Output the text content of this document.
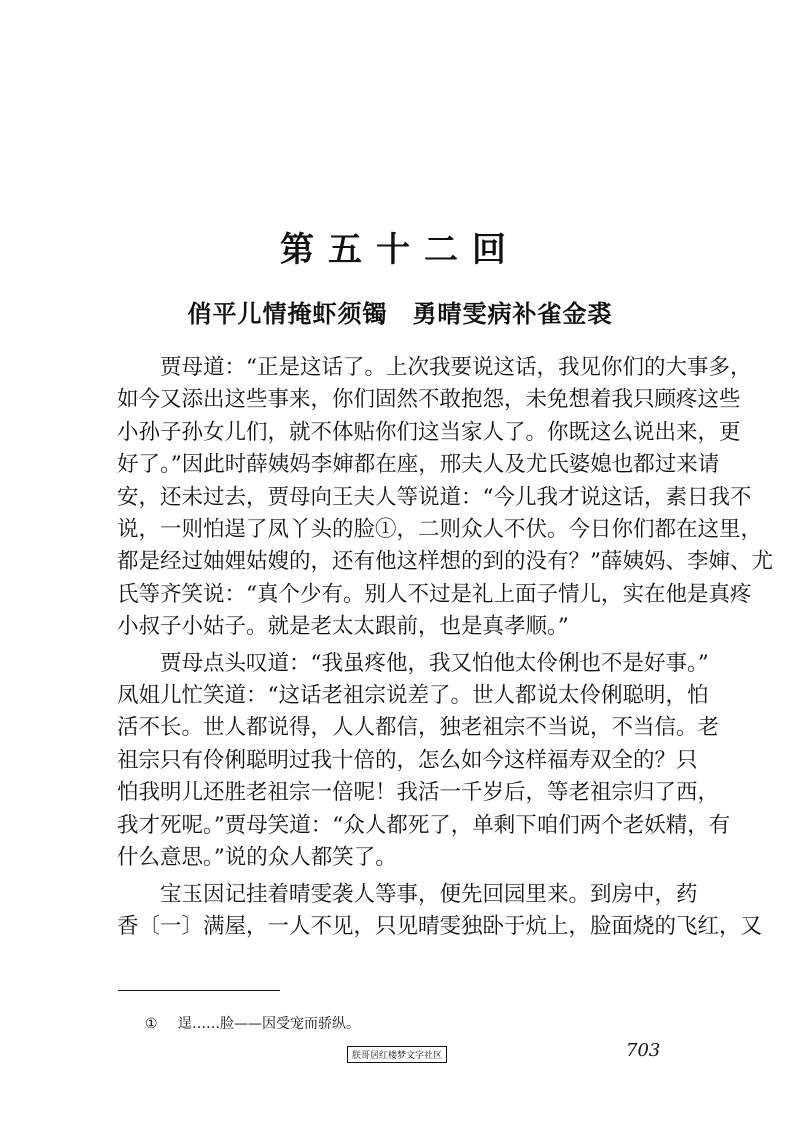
第五十二回
俏平儿情掩虾须镯　勇晴雯病补雀金裘

　　贾母道：“正是这话了。上次我要说这话，我见你们的大事多，
如今又添出这些事来，你们固然不敢抱怨，未免想着我只顾疼这些
小孙子孙女儿们，就不体贴你们这当家人了。你既这么说出来，更
好了。”因此时薛姨妈李婶都在座，邢夫人及尤氏婆媳也都过来请
安，还未过去，贾母向王夫人等说道：“今儿我才说这话，素日我不
说，一则怕逞了凤丫头的脸①，二则众人不伏。今日你们都在这里，
都是经过妯娌姑嫂的，还有他这样想的到的没有？”薛姨妈、李婶、尤
氏等齐笑说：“真个少有。别人不过是礼上面子情儿，实在他是真疼
小叔子小姑子。就是老太太跟前，也是真孝顺。”

　　贾母点头叹道：“我虽疼他，我又怕他太伶俐也不是好事。”
凤姐儿忙笑道：“这话老祖宗说差了。世人都说太伶俐聪明，怕
活不长。世人都说得，人人都信，独老祖宗不当说，不当信。老
祖宗只有伶俐聪明过我十倍的，怎么如今这样福寿双全的？只
怕我明儿还胜老祖宗一倍呢！我活一千岁后，等老祖宗归了西，
我才死呢。”贾母笑道：“众人都死了，单剩下咱们两个老妖精，有
什么意思。”说的众人都笑了。

　　宝玉因记挂着晴雯袭人等事，便先回园里来。到房中，药
香〔一〕满屋，一人不见，只见晴雯独卧于炕上，脸面烧的飞红，又

① 逞……脸——因受宠而骄纵。
朕哥居红楼梦文字社区	703
